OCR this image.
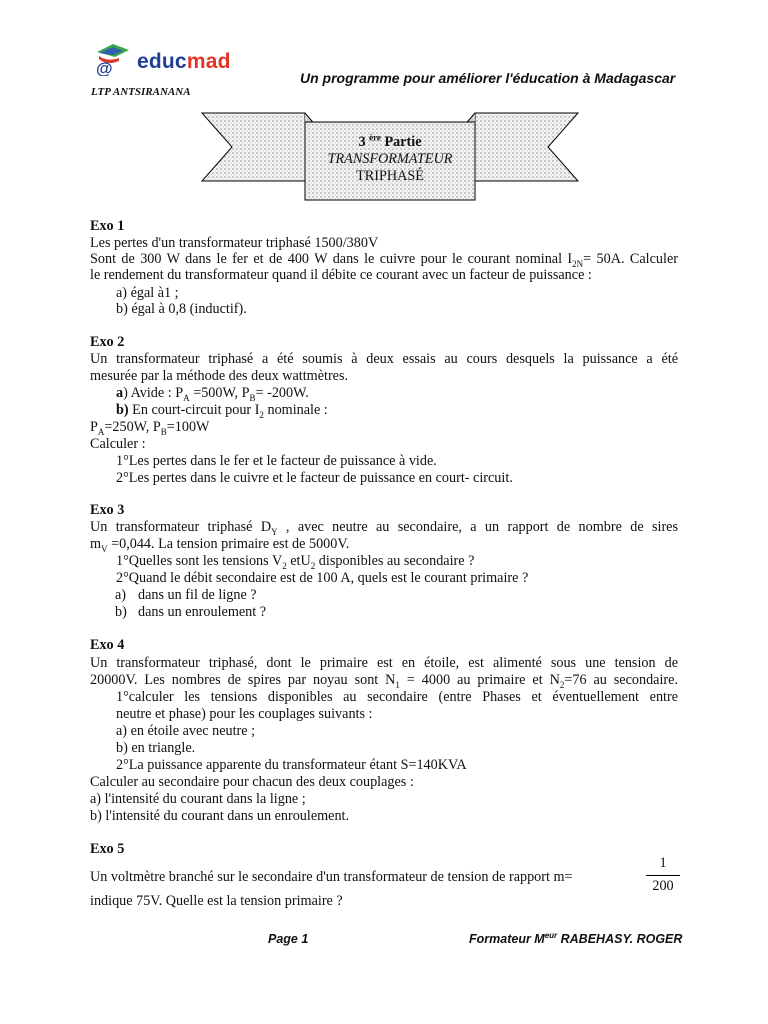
@ educmad
Un programme pour améliorer l'éducation à Madagascar
LTP ANTSIRANANA
3 $^{ère}$ Partie
TRANSFORMATEUR
TRIPHASÉ
Exo 1
Les pertes d'un transformateur triphasé 1500/380V
Sont de 300 W dans le fer et de 400 W dans le cuivre pour le courant nominal $I_{2N}= 50A$. Calculer
le rendement du transformateur quand il débite ce courant avec un facteur de puissance :
a) égal à1 ;
b) égal à 0,8 (inductif).
Exo 2
Un transformateur triphasé a été soumis à deux essais au cours desquels la puissance a été
mesurée par la méthode des deux wattmètres.
a) Avide : $P_A =500W$, $P_B= -200W$.
b) En court-circuit pour $I_2$ nominale :
$P_A=250W$, $P_B=100W$
Calculer :
1°Les pertes dans le fer et le facteur de puissance à vide.
2°Les pertes dans le cuivre et le facteur de puissance en court- circuit.
Exo 3
Un transformateur triphasé $D_Y$ , avec neutre au secondaire, a un rapport de nombre de sires
$m_V =0,044$. La tension primaire est de 5000V.
1°Quelles sont les tensions $V_2$ etU$_2$ disponibles au secondaire ?
2°Quand le débit secondaire est de 100 A, quels est le courant primaire ?
a) dans un fil de ligne ?
b) dans un enroulement ?
Exo 4
Un transformateur triphasé, dont le primaire est en étoile, est alimenté sous une tension de
20000V. Les nombres de spires par noyau sont $N_1 = 4000$ au primaire et $N_2=76$ au secondaire.
1°calculer les tensions disponibles au secondaire (entre Phases et éventuellement entre
neutre et phase) pour les couplages suivants :
a) en étoile avec neutre ;
b) en triangle.
2°La puissance apparente du transformateur étant S=140KVA
Calculer au secondaire pour chacun des deux couplages :
a) l'intensité du courant dans la ligne ;
b) l'intensité du courant dans un enroulement.
Exo 5
Un voltmètre branché sur le secondaire d'un transformateur de tension de rapport m=
1
200
indique 75V. Quelle est la tension primaire ?
Page 1	Formateur $M^{eur}$ RABEHASY. ROGER
